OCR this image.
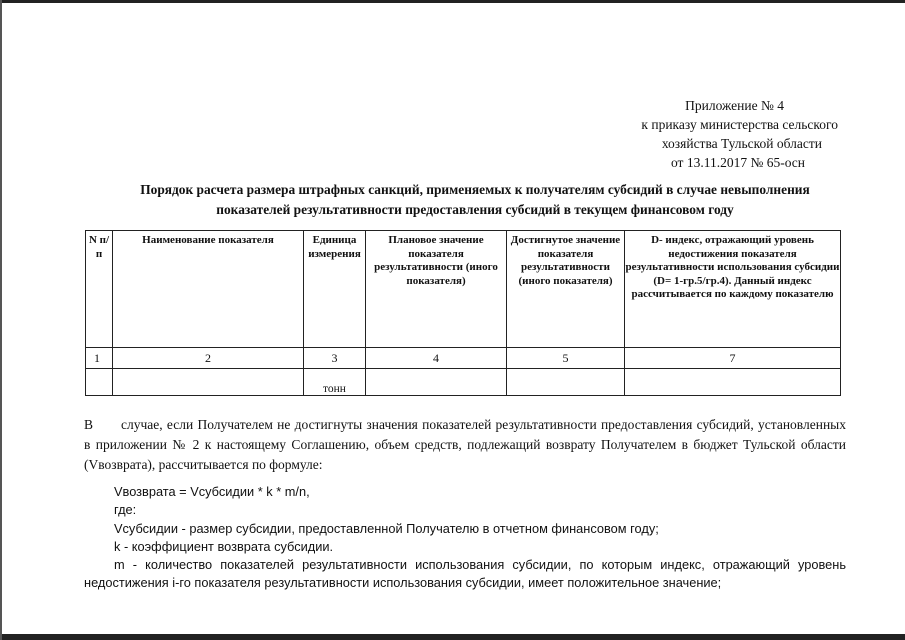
Приложение № 4
к приказу министерства сельского
хозяйства Тульской области
от 13.11.2017 № 65-осн
Порядок расчета размера штрафных санкций, применяемых к получателям субсидий в случае невыполнения
показателей результативности предоставления субсидий в текущем финансовом году
N п/п	Наименование показателя	Единица измерения	Плановое значение показателя результативности (иного показателя)	Достигнутое значение показателя результативности (иного показателя)	D- индекс, отражающий уровень недостижения показателя результативности использования субсидии (D= 1-гр.5/гр.4). Данный индекс рассчитывается по каждому показателю
1	2	3	4	5	7
		тонн			
В случае, если Получателем не достигнуты значения показателей результативности предоставления субсидий, установленных в приложении № 2 к настоящему Соглашению, объем средств, подлежащий возврату Получателем в бюджет Тульской области (Vвозврата), рассчитывается по формуле:
Vвозврата = Vсубсидии * k * m/n,
где:
Vсубсидии - размер субсидии, предоставленной Получателю в отчетном финансовом году;
k - коэффициент возврата субсидии.
m - количество показателей результативности использования субсидии, по которым индекс, отражающий уровень недостижения i-го показателя результативности использования субсидии, имеет положительное значение;
